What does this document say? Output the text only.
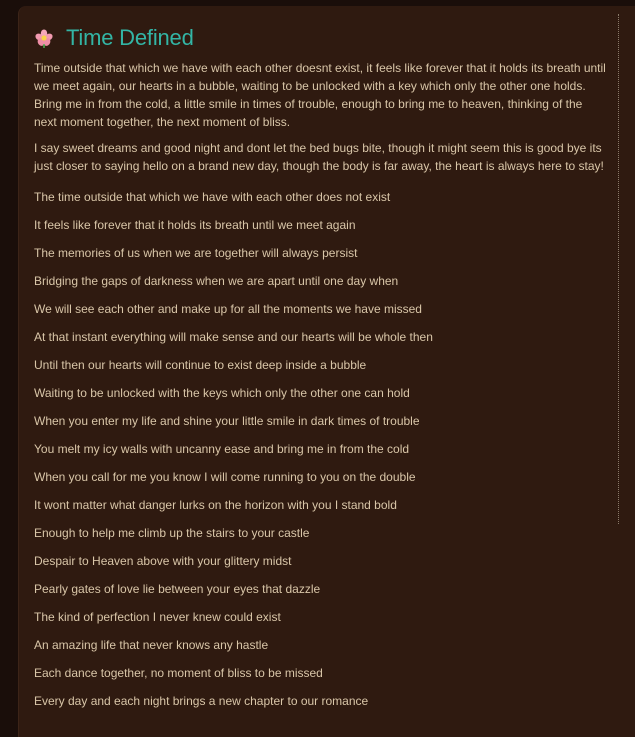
Time Defined

Time outside that which we have with each other doesnt exist, it feels like forever that it holds its breath until we meet again, our hearts in a bubble, waiting to be unlocked with a key which only the other one holds. Bring me in from the cold, a little smile in times of trouble, enough to bring me to heaven, thinking of the next moment together, the next moment of bliss.

I say sweet dreams and good night and dont let the bed bugs bite, though it might seem this is good bye its just closer to saying hello on a brand new day, though the body is far away, the heart is always here to stay!

The time outside that which we have with each other does not exist
It feels like forever that it holds its breath until we meet again
The memories of us when we are together will always persist
Bridging the gaps of darkness when we are apart until one day when
We will see each other and make up for all the moments we have missed
At that instant everything will make sense and our hearts will be whole then
Until then our hearts will continue to exist deep inside a bubble
Waiting to be unlocked with the keys which only the other one can hold
When you enter my life and shine your little smile in dark times of trouble
You melt my icy walls with uncanny ease and bring me in from the cold
When you call for me you know I will come running to you on the double
It wont matter what danger lurks on the horizon with you I stand bold
Enough to help me climb up the stairs to your castle
Despair to Heaven above with your glittery midst
Pearly gates of love lie between your eyes that dazzle
The kind of perfection I never knew could exist
An amazing life that never knows any hastle
Each dance together, no moment of bliss to be missed
Every day and each night brings a new chapter to our romance
